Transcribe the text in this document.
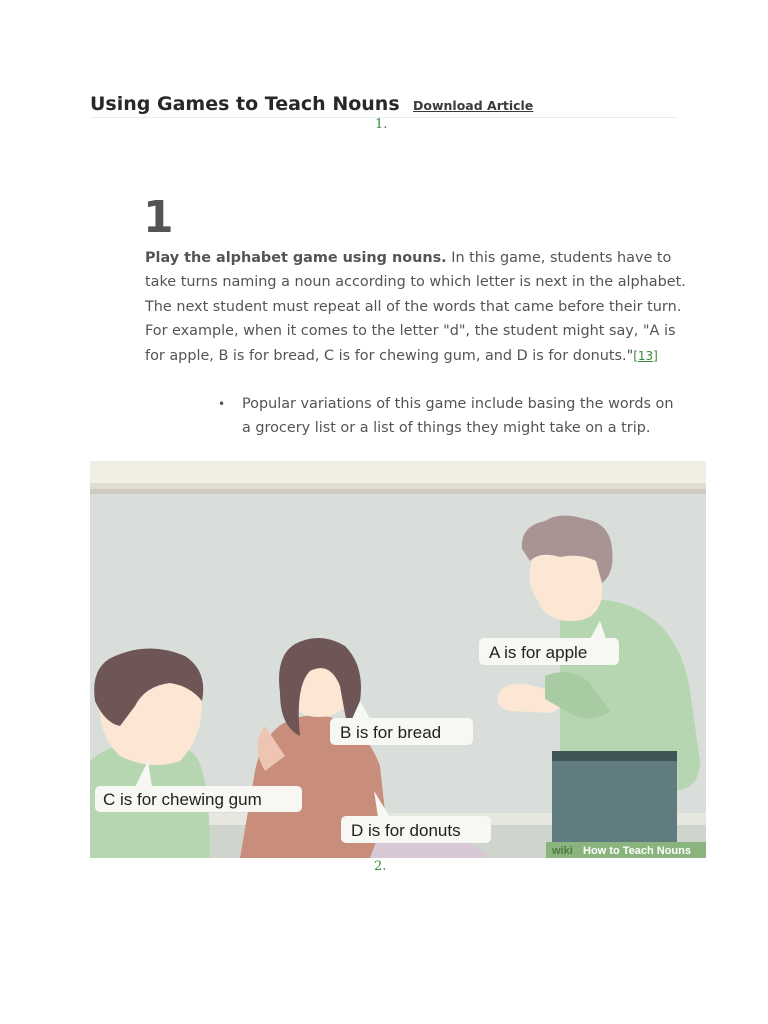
Using Games to Teach Nouns Download Article
1.
1

Play the alphabet game using nouns. In this game, students have to take turns naming a noun according to which letter is next in the alphabet. The next student must repeat all of the words that came before their turn. For example, when it comes to the letter "d", the student might say, "A is for apple, B is for bread, C is for chewing gum, and D is for donuts."[13]

• Popular variations of this game include basing the words on a grocery list or a list of things they might take on a trip.
A is for apple
B is for bread
C is for chewing gum
D is for donuts
wiki How to Teach Nouns
2.
